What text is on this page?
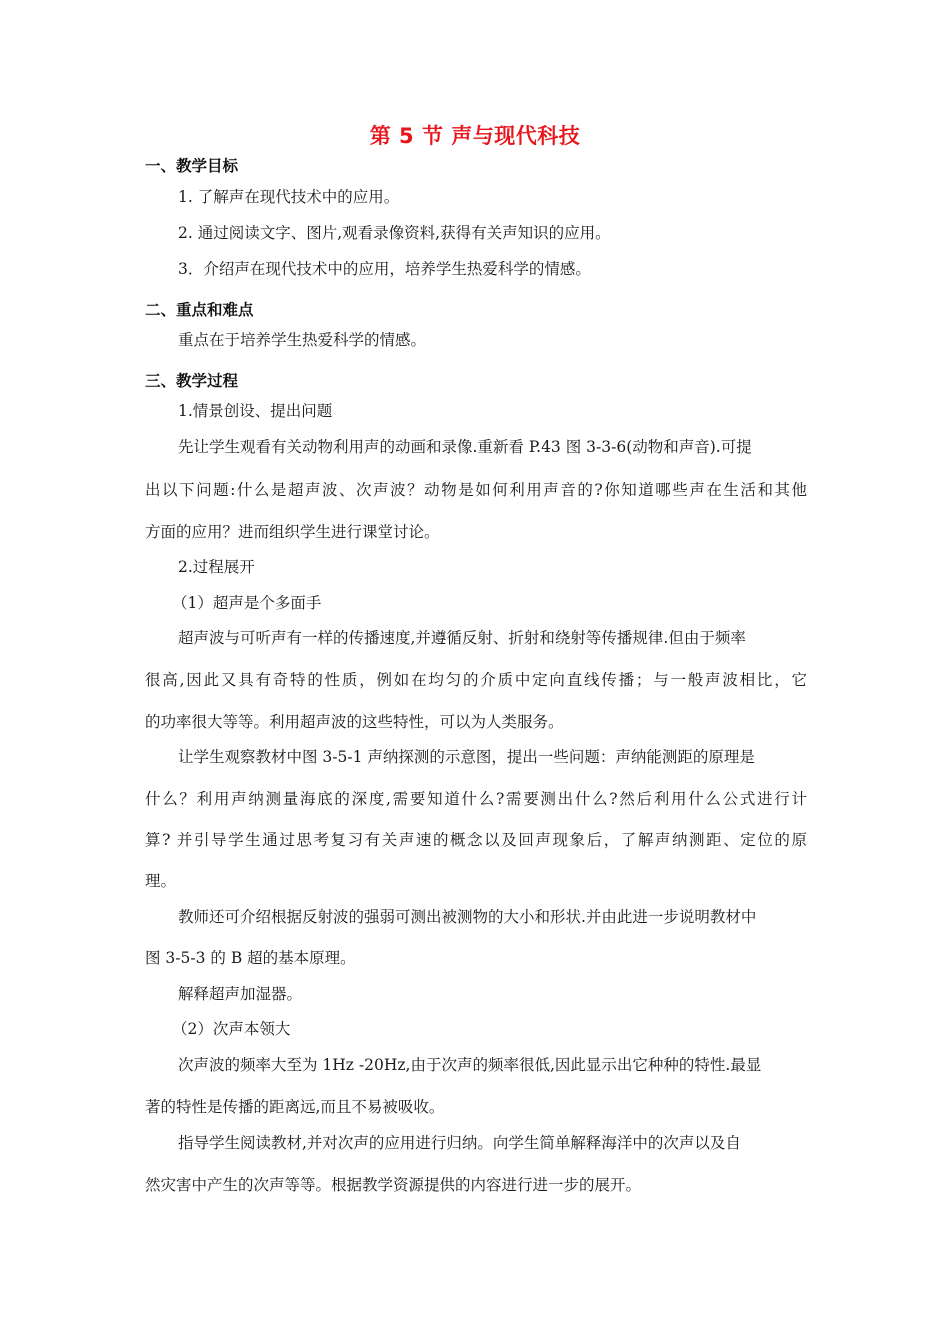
第 5 节 声与现代科技
一、教学目标
1. 了解声在现代技术中的应用。
2. 通过阅读文字、图片,观看录像资料,获得有关声知识的应用。
3．介绍声在现代技术中的应用，培养学生热爱科学的情感。
二、重点和难点
重点在于培养学生热爱科学的情感。
三、教学过程
1.情景创设、提出问题
先让学生观看有关动物利用声的动画和录像.重新看 P.43 图 3-3-6(动物和声音).可提
出以下问题:什么是超声波、次声波？动物是如何利用声音的?你知道哪些声在生活和其他
方面的应用？进而组织学生进行课堂讨论。
2.过程展开
（1）超声是个多面手
超声波与可听声有一样的传播速度,并遵循反射、折射和绕射等传播规律.但由于频率
很高,因此又具有奇特的性质，例如在均匀的介质中定向直线传播；与一般声波相比，它
的功率很大等等。利用超声波的这些特性，可以为人类服务。
让学生观察教材中图 3-5-1 声纳探测的示意图，提出一些问题：声纳能测距的原理是
什么？利用声纳测量海底的深度,需要知道什么?需要测出什么?然后利用什么公式进行计
算? 并引导学生通过思考复习有关声速的概念以及回声现象后，了解声纳测距、定位的原
理。
教师还可介绍根据反射波的强弱可测出被测物的大小和形状.并由此进一步说明教材中
图 3-5-3 的 B 超的基本原理。
解释超声加湿器。
（2）次声本领大
次声波的频率大至为 1Hz -20Hz,由于次声的频率很低,因此显示出它种种的特性.最显
著的特性是传播的距离远,而且不易被吸收。
指导学生阅读教材,并对次声的应用进行归纳。向学生简单解释海洋中的次声以及自
然灾害中产生的次声等等。根据教学资源提供的内容进行进一步的展开。
